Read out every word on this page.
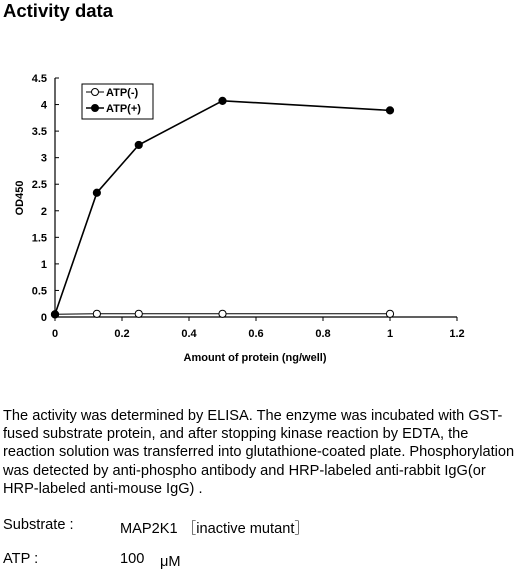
Activity data
0	0.2	0.4	0.6	0.8	1	1.2
0
0.5
1
1.5
2
2.5
3
3.5
4
4.5
Amount of protein (ng/well)
OD450
ATP(-)
ATP(+)

The activity was determined by ELISA. The enzyme was incubated with GST-fused substrate protein, and after stopping kinase reaction by EDTA, the reaction solution was transferred into glutathione-coated plate. Phosphorylation was detected by anti-phospho antibody and HRP-labeled anti-rabbit IgG(or HRP-labeled anti-mouse IgG) .

Substrate :	MAP2K1 ［inactive mutant］
ATP :	100 μM
